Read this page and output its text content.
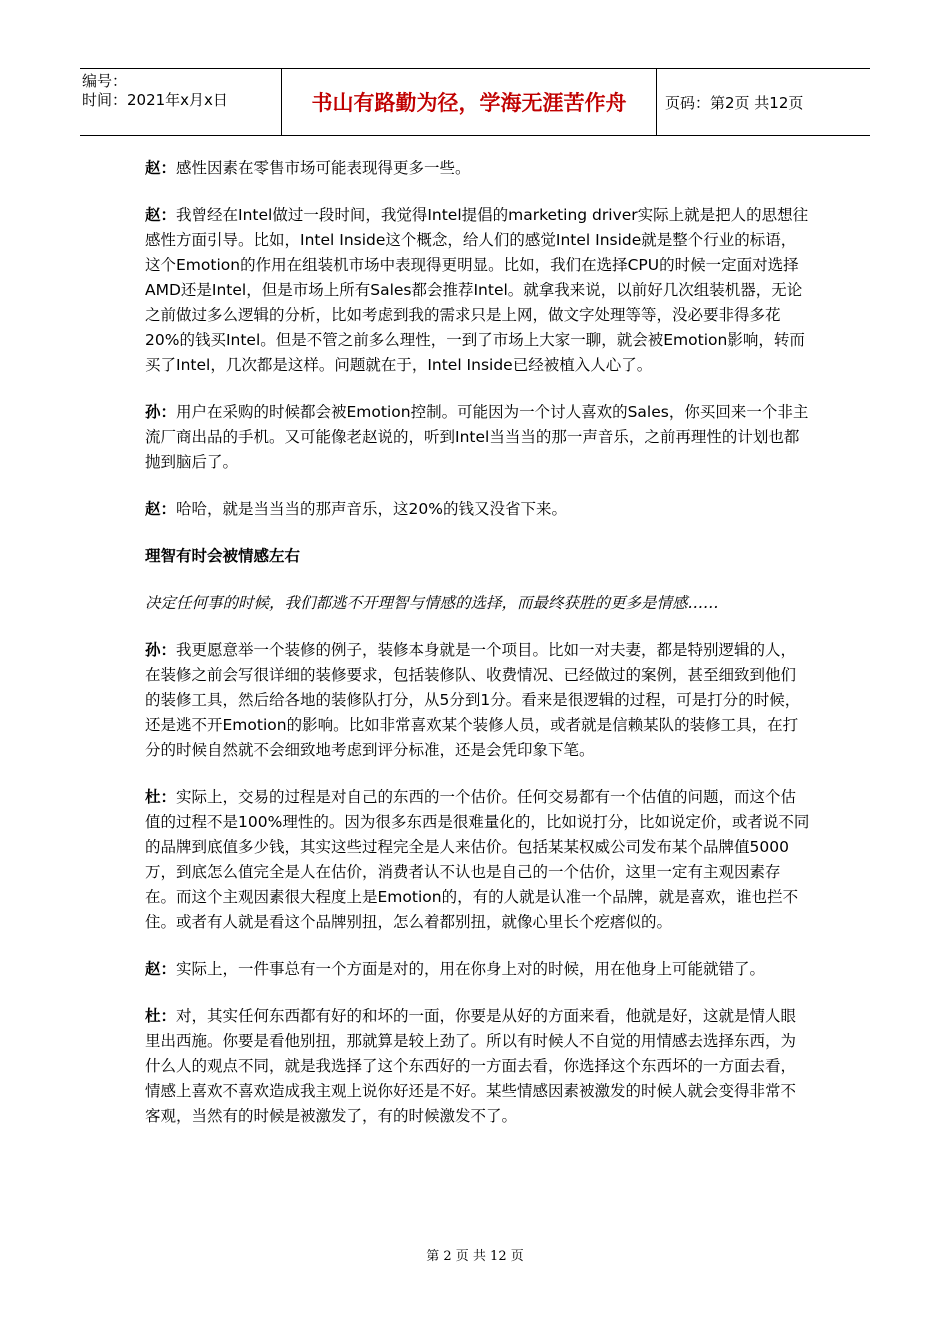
编号：
时间：2021年x月x日	书山有路勤为径，学海无涯苦作舟	页码：第2页 共12页

赵：感性因素在零售市场可能表现得更多一些。

赵：我曾经在Intel做过一段时间，我觉得Intel提倡的marketing driver实际上就是把人的思想往感性方面引导。比如，Intel Inside这个概念，给人们的感觉Intel Inside就是整个行业的标语，这个Emotion的作用在组装机市场中表现得更明显。比如，我们在选择CPU的时候一定面对选择AMD还是Intel，但是市场上所有Sales都会推荐Intel。就拿我来说，以前好几次组装机器，无论之前做过多么逻辑的分析，比如考虑到我的需求只是上网，做文字处理等等，没必要非得多花20%的钱买Intel。但是不管之前多么理性，一到了市场上大家一聊，就会被Emotion影响，转而买了Intel，几次都是这样。问题就在于，Intel Inside已经被植入人心了。

孙：用户在采购的时候都会被Emotion控制。可能因为一个讨人喜欢的Sales，你买回来一个非主流厂商出品的手机。又可能像老赵说的，听到Intel当当当的那一声音乐，之前再理性的计划也都抛到脑后了。

赵：哈哈，就是当当当的那声音乐，这20%的钱又没省下来。

理智有时会被情感左右

决定任何事的时候，我们都逃不开理智与情感的选择，而最终获胜的更多是情感……

孙：我更愿意举一个装修的例子，装修本身就是一个项目。比如一对夫妻，都是特别逻辑的人，在装修之前会写很详细的装修要求，包括装修队、收费情况、已经做过的案例，甚至细致到他们的装修工具，然后给各地的装修队打分，从5分到1分。看来是很逻辑的过程，可是打分的时候，还是逃不开Emotion的影响。比如非常喜欢某个装修人员，或者就是信赖某队的装修工具，在打分的时候自然就不会细致地考虑到评分标准，还是会凭印象下笔。

杜：实际上，交易的过程是对自己的东西的一个估价。任何交易都有一个估值的问题，而这个估值的过程不是100%理性的。因为很多东西是很难量化的，比如说打分，比如说定价，或者说不同的品牌到底值多少钱，其实这些过程完全是人来估价。包括某某权威公司发布某个品牌值5000万，到底怎么值完全是人在估价，消费者认不认也是自己的一个估价，这里一定有主观因素存在。而这个主观因素很大程度上是Emotion的，有的人就是认准一个品牌，就是喜欢，谁也拦不住。或者有人就是看这个品牌别扭，怎么着都别扭，就像心里长个疙瘩似的。

赵：实际上，一件事总有一个方面是对的，用在你身上对的时候，用在他身上可能就错了。

杜：对，其实任何东西都有好的和坏的一面，你要是从好的方面来看，他就是好，这就是情人眼里出西施。你要是看他别扭，那就算是较上劲了。所以有时候人不自觉的用情感去选择东西，为什么人的观点不同，就是我选择了这个东西好的一方面去看，你选择这个东西坏的一方面去看，情感上喜欢不喜欢造成我主观上说你好还是不好。某些情感因素被激发的时候人就会变得非常不客观，当然有的时候是被激发了，有的时候激发不了。

第 2 页 共 12 页
